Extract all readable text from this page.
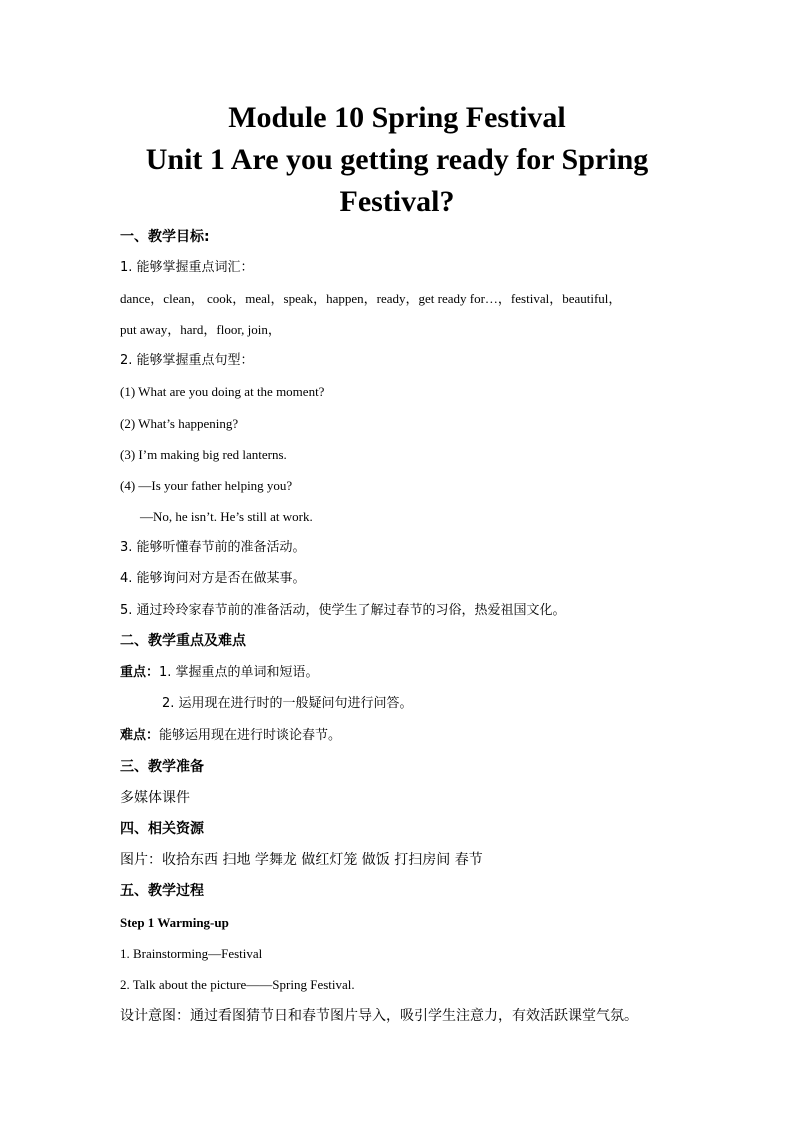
Module 10 Spring Festival
Unit 1 Are you getting ready for Spring
Festival?
一、教学目标:
1. 能够掌握重点词汇：
dance，clean， cook，meal，speak，happen，ready，get ready for…，festival，beautiful，
put away，hard，floor, join，
2. 能够掌握重点句型：
(1) What are you doing at the moment?
(2) What’s happening?
(3) I’m making big red lanterns.
(4) —Is your father helping you?
—No, he isn’t. He’s still at work.
3. 能够听懂春节前的准备活动。
4. 能够询问对方是否在做某事。
5. 通过玲玲家春节前的准备活动，使学生了解过春节的习俗，热爱祖国文化。
二、教学重点及难点
重点：1. 掌握重点的单词和短语。
2. 运用现在进行时的一般疑问句进行问答。
难点：能够运用现在进行时谈论春节。
三、教学准备
多媒体课件
四、相关资源
图片：收拾东西 扫地 学舞龙 做红灯笼 做饭 打扫房间 春节
五、教学过程
Step 1 Warming-up
1. Brainstorming—Festival
2. Talk about the picture——Spring Festival.
设计意图：通过看图猜节日和春节图片导入，吸引学生注意力，有效活跃课堂气氛。
